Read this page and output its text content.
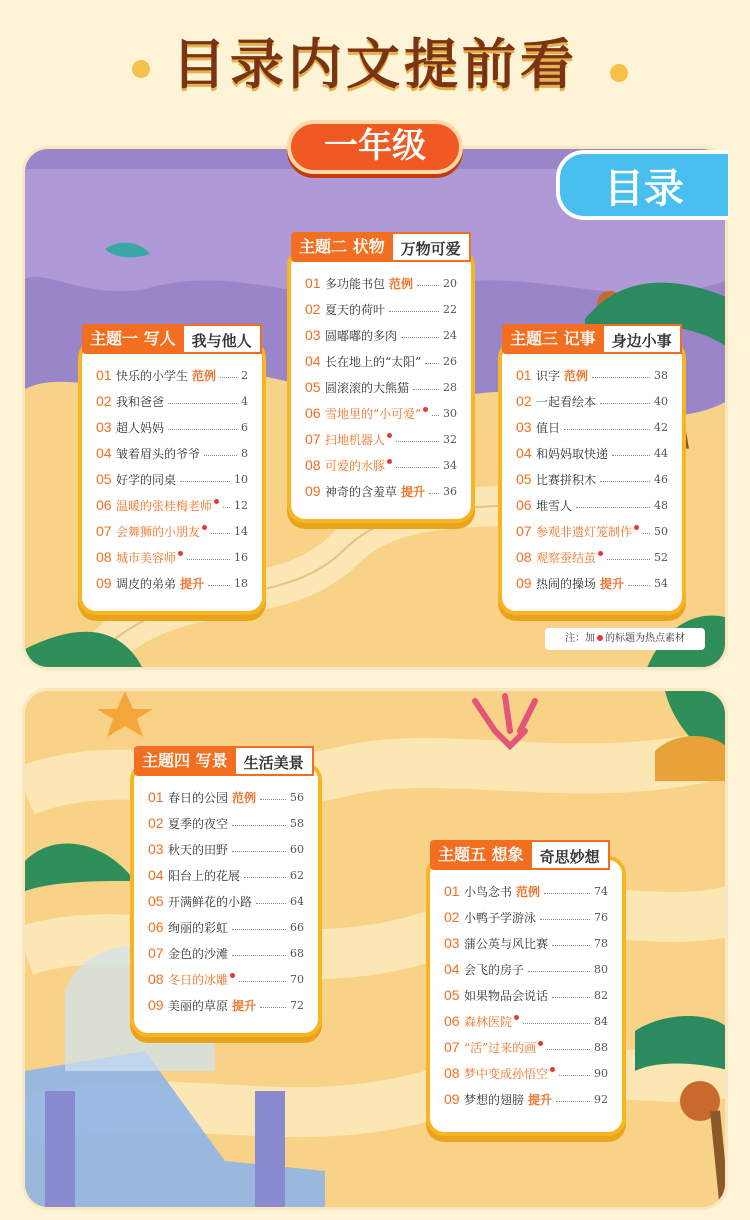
目录内文提前看
一年级
目录
主题一 写人	我与他人
01 快乐的小学生 范例 2
02 我和爸爸	4
03 超人妈妈	6
04 皱着眉头的爷爷	8
05 好学的同桌	10
06 温暖的张桂梅老师 12
07 会舞狮的小朋友	14
08 城市美容师	16
09 调皮的弟弟 提升	18
主题二 状物	万物可爱
01 多功能书包 范例	20
02 夏天的荷叶	22
03 圆嘟嘟的多肉	24
04 长在地上的“太阳” 26
05 圆滚滚的大熊猫	28
06 雪地里的“小可爱” 30
07 扫地机器人	32
08 可爱的水豚	34
09 神奇的含羞草 提升 36
主题三 记事	身边小事
01 识字 范例	38
02 一起看绘本	40
03 值日	42
04 和妈妈取快递	44
05 比赛拼积木	46
06 堆雪人	48
07 参观非遗灯笼制作 50
08 观察蚕结茧	52
09 热闹的操场 提升	54
主题四 写景	生活美景
01 春日的公园 范例	56
02 夏季的夜空	58
03 秋天的田野	60
04 阳台上的花展	62
05 开满鲜花的小路	64
06 绚丽的彩虹	66
07 金色的沙滩	68
08 冬日的冰雕	70
09 美丽的草原 提升	72
主题五 想象	奇思妙想
01 小鸟念书 范例	74
02 小鸭子学游泳	76
03 蒲公英与风比赛	78
04 会飞的房子	80
05 如果物品会说话	82
06 森林医院	84
07 “活”过来的画	88
08 梦中变成孙悟空	90
09 梦想的翅膀 提升	92
注：加 的标题为热点素材
